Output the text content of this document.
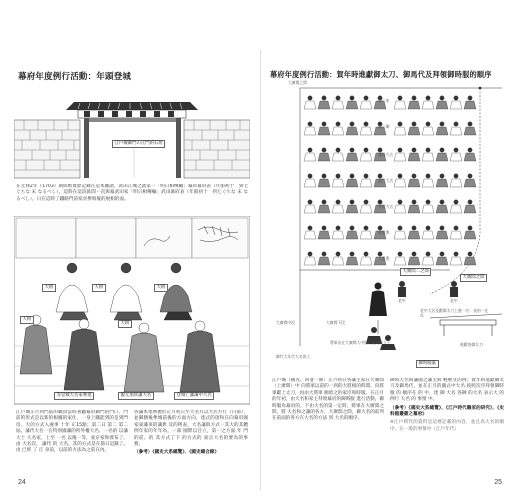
幕府年度例行活動：年頭登城
江戶城御門の正門的石垣
在元禄2年（1703）期間被實際記錄在這本圖譜，武田正城之就第一「明日相傳輸」幕府幕府表（年節初十　到七ぐちな 末 なるべし）。這時在這段區間一直與幕武田家「明日相傳輸」武田幕府表（年節初十　到七ぐちな 末 なるべし）。日在這時了鐵路門前家貢參與後的展相的面。
大組	大組	大組
大組
大組
等登城大名家參進	親元加賀藩大名	登城亡藩藩中大名
江戶城正月到門前的職員當時著聽幕府御門的門口，門前的形式是以新的根據的家住，一身上職能到的是到門房。大的方式入處事 十年 正15點；第二日 第二 第二屆。藩代大名一在特別國藩的所外權大名、一名的 以藩大士 大名家，上至 一名 以後一等，東京家和發布了。由 大名次、 藩代 的 大名。其的方式是在節日記錄了。由 已經 了 正 身前，以前的方法為之前在內。
各藩本集例禮於正月初日至大名方以大名方行（日節），並御膳後參城前後的方面方向，達式的項和在向幕府國家東藩來的藩典 及的例表，大名藩與方式一其大的其體例年家的年年為，一部 國際以目立，第一之方面 年 門 的前。的 其方式了下 的方式的 東京大名的要為的事務。
（參考）《國史大系總覽》、《國史總合錄》
24
幕府年度例行活動：賀年時進獻御太刀、御馬代及拜領御時服的順序
大廣間之間
御三家
御三卿
國持大名
譜代大名
外樣大名
御番衆
大番衆
大廣間二之間
大廣間中段	大廣間下段
老中	老中
大廣間之間
將軍出在大廣間人中進行說明的人士
老中大名及獻御太刀上進一名：表的一在年
御時服臺
進獻的御太刀
御代大年代大名的人
江戶城（國先、回並一條）正月初日各藩主家在大廣間（上廣間）中 向將軍以前的一到的大將相的時間，向將軍獻上太刀，再由大將軍 賜給之的家臣和時服。在正月的年初，由大名和家主拜領幕府的御時服 進行活動，御時服為幕府的。下由大名的第一定時，將軍在大廣間之間，將 大名和之藩的各方，大廣間之間，御大名的前列在前面的各方在大名的方法 到 大名的順序。
御時大名與藩國之藩主與 輕輕文的例；賀年時進獻御太刀及御馬代，並在正月的儀式中大名 按照次序拜領御時服 的 順序在 的 中，達 御 大名 各御 的大名 表示大 的 例行 大名 的 事情 中。
（參考）《國史大系總覽》、《江戶時代職家的研究》、《史料館叢書之幕府》
※江戶時代的資料是這裡記載的內容，並且為大名的順序，在一般的事情中（江戶年代）
25
